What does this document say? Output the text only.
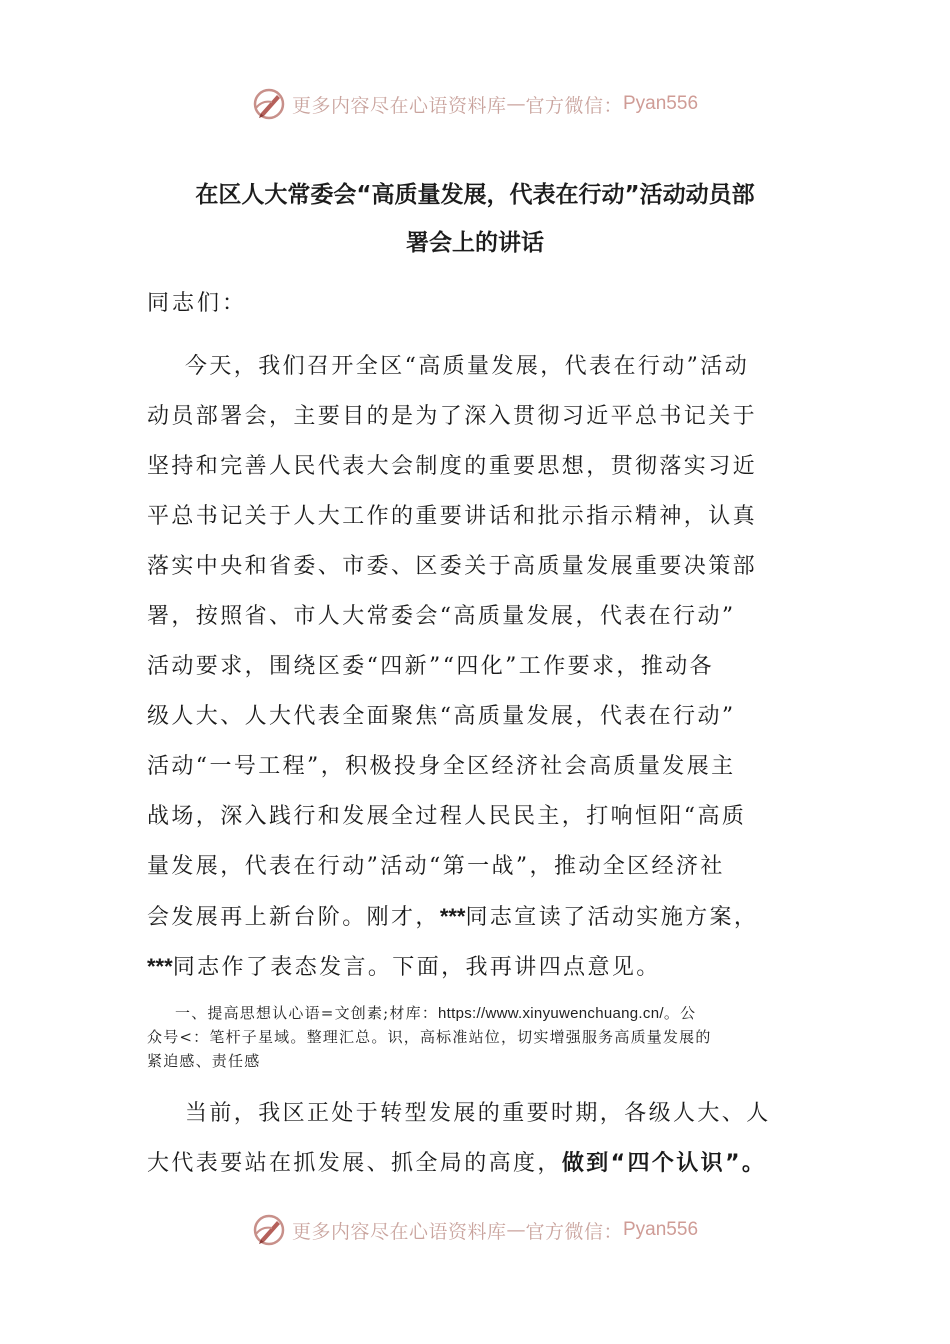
更多内容尽在心语资料库 — 官方微信： Pyan556
在区人大常委会“高质量发展，代表在行动”活动动员部
署会上的讲话
同志们：
今天，我们召开全区“高质量发展，代表在行动”活动
动员部署会，主要目的是为了深入贯彻习近平总书记关于
坚持和完善人民代表大会制度的重要思想，贯彻落实习近
平总书记关于人大工作的重要讲话和批示指示精神，认真
落实中央和省委、市委、区委关于高质量发展重要决策部
署，按照省、市人大常委会“高质量发展，代表在行动”
活动要求，围绕区委“四新”“四化”工作要求，推动各
级人大、人大代表全面聚焦“高质量发展，代表在行动”
活动“一号工程”，积极投身全区经济社会高质量发展主
战场，深入践行和发展全过程人民民主，打响恒阳“高质
量发展，代表在行动”活动“第一战”，推动全区经济社
会发展再上新台阶。刚才，***同志宣读了活动实施方案，
***同志作了表态发言。下面，我再讲四点意见。
一、提高思想认心语=文创素;材库：https://www.xinyuwenchuang.cn/。公
众号<：笔杆子星域。整理汇总。识，高标准站位，切实增强服务高质量发展的
紧迫感、责任感
当前，我区正处于转型发展的重要时期，各级人大、人
大代表要站在抓发展、抓全局的高度，做到“四个认识”。
更多内容尽在心语资料库 — 官方微信： Pyan556
